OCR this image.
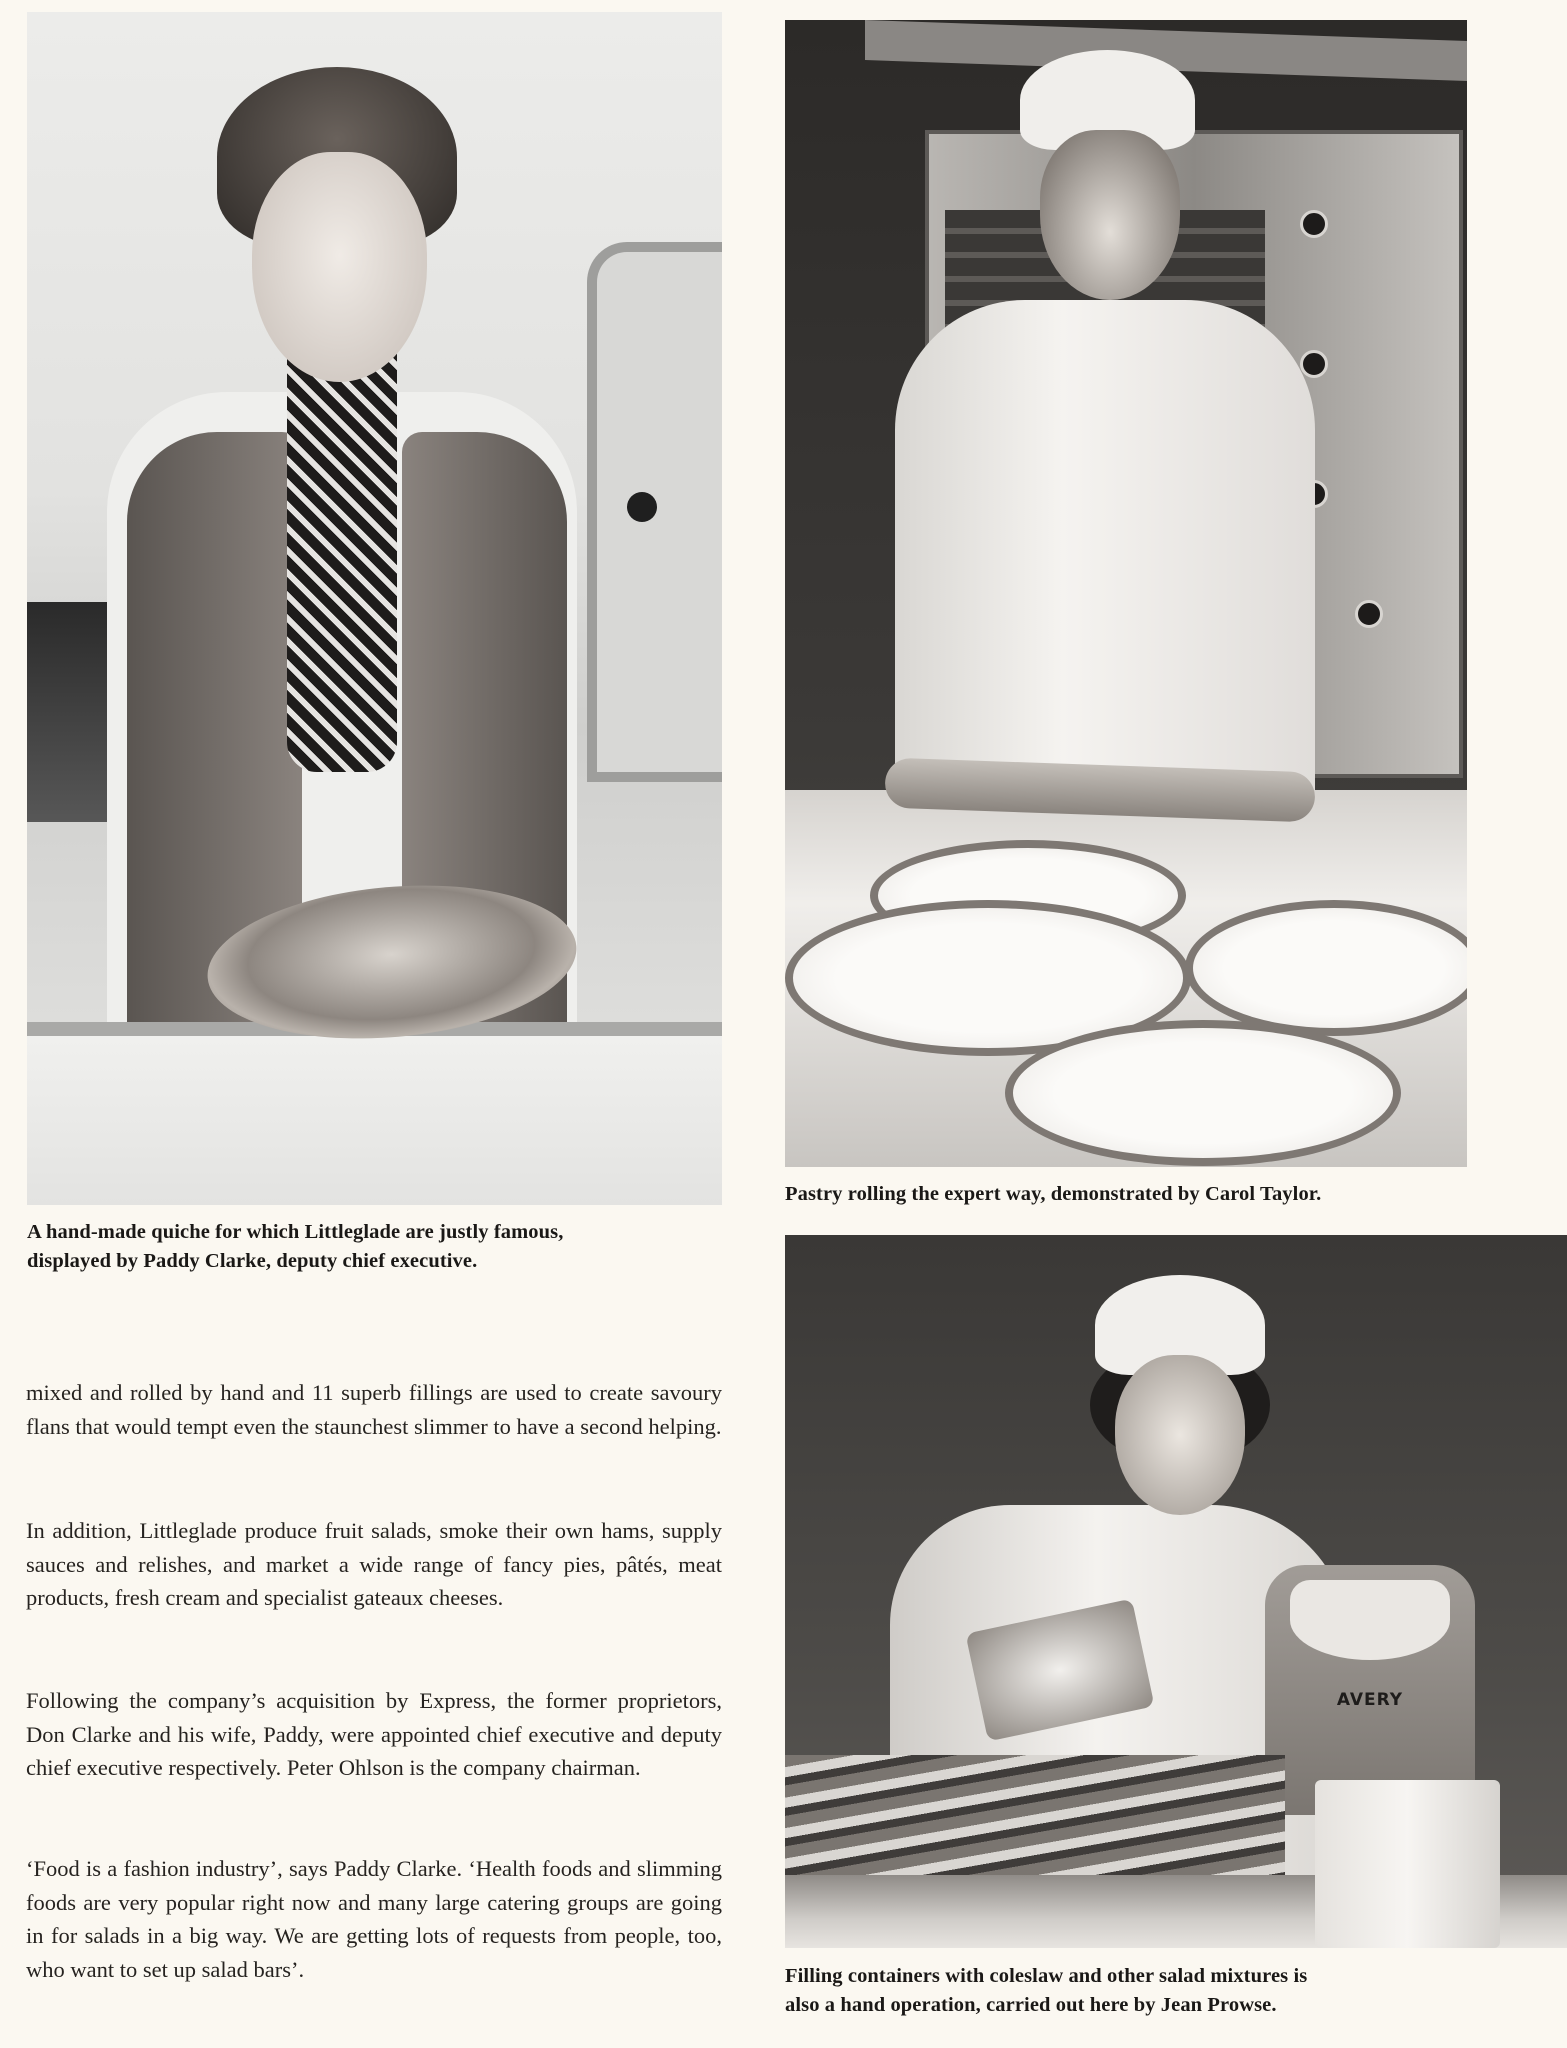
A hand-made quiche for which Littleglade are justly famous,
displayed by Paddy Clarke, deputy chief executive.
Pastry rolling the expert way, demonstrated by Carol Taylor.
AVERY
Filling containers with coleslaw and other salad mixtures is
also a hand operation, carried out here by Jean Prowse.

mixed and rolled by hand and 11 superb fillings are used to create savoury flans that would tempt even the staunchest slimmer to have a second helping.

In addition, Littleglade produce fruit salads, smoke their own hams, supply sauces and relishes, and market a wide range of fancy pies, pâtés, meat products, fresh cream and specialist gateaux cheeses.

Following the company’s acquisition by Express, the former proprietors, Don Clarke and his wife, Paddy, were appointed chief executive and deputy chief executive respectively. Peter Ohlson is the company chairman.

‘Food is a fashion industry’, says Paddy Clarke. ‘Health foods and slimming foods are very popular right now and many large catering groups are going in for salads in a big way. We are getting lots of requests from people, too, who want to set up salad bars’.
